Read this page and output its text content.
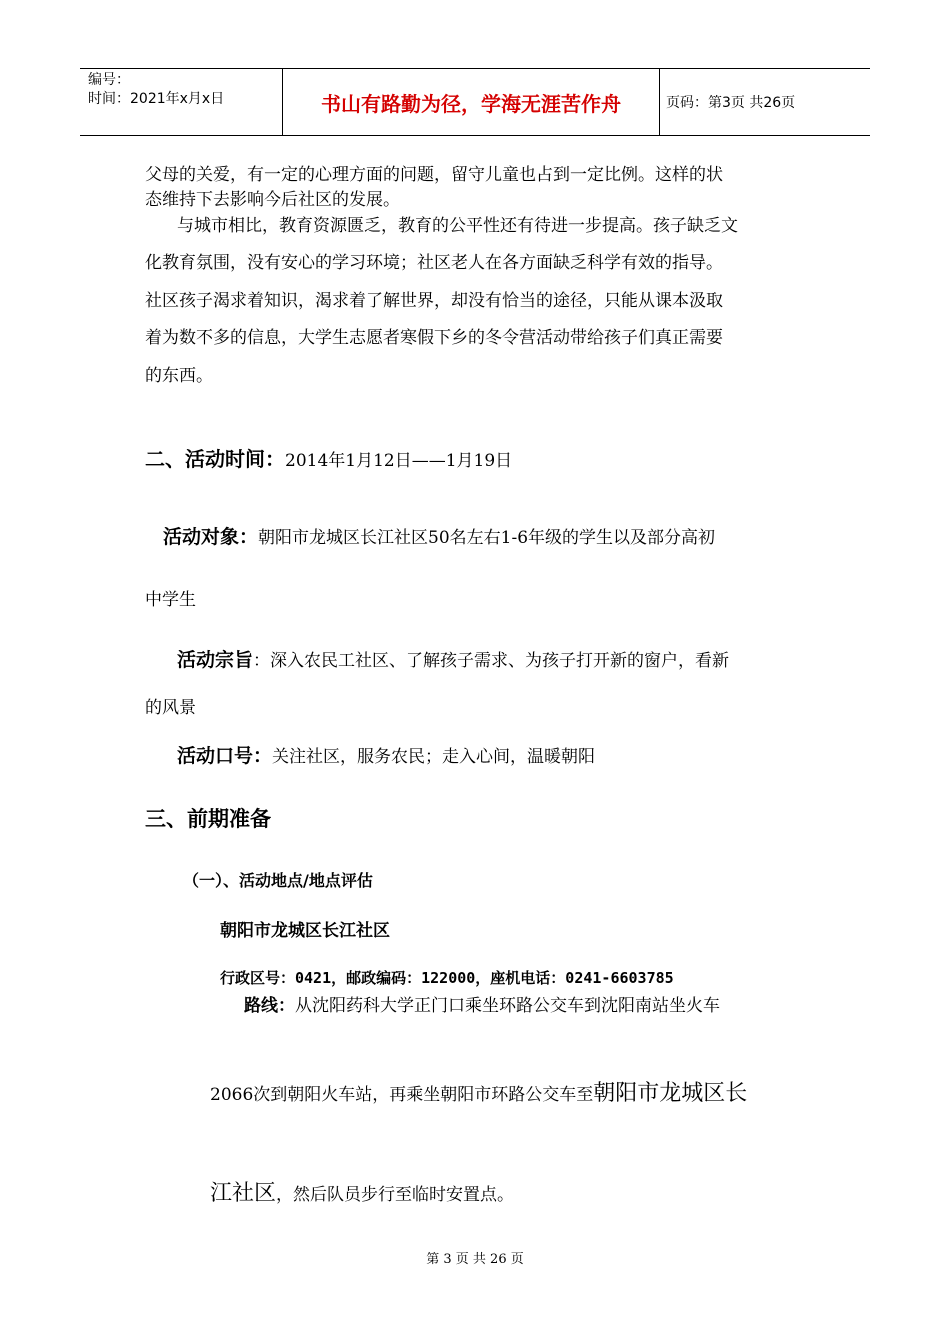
编号：
时间：2021年x月x日	书山有路勤为径，学海无涯苦作舟	页码：第3页 共26页
父母的关爱，有一定的心理方面的问题，留守儿童也占到一定比例。这样的状
态维持下去影响今后社区的发展。
与城市相比，教育资源匮乏，教育的公平性还有待进一步提高。孩子缺乏文
化教育氛围，没有安心的学习环境；社区老人在各方面缺乏科学有效的指导。
社区孩子渴求着知识，渴求着了解世界，却没有恰当的途径，只能从课本汲取
着为数不多的信息，大学生志愿者寒假下乡的冬令营活动带给孩子们真正需要
的东西。
二、活动时间：2014年1月12日——1月19日
活动对象：朝阳市龙城区长江社区50名左右1-6年级的学生以及部分高初
中学生
活动宗旨：深入农民工社区、了解孩子需求、为孩子打开新的窗户，看新
的风景
活动口号：关注社区，服务农民；走入心间，温暖朝阳
三、前期准备
（一）、活动地点/地点评估
朝阳市龙城区长江社区
行政区号：0421，邮政编码：122000，座机电话：0241-6603785
路线：从沈阳药科大学正门口乘坐环路公交车到沈阳南站坐火车
2066次到朝阳火车站，再乘坐朝阳市环路公交车至朝阳市龙城区长
江社区，然后队员步行至临时安置点。
第 3 页 共 26 页
